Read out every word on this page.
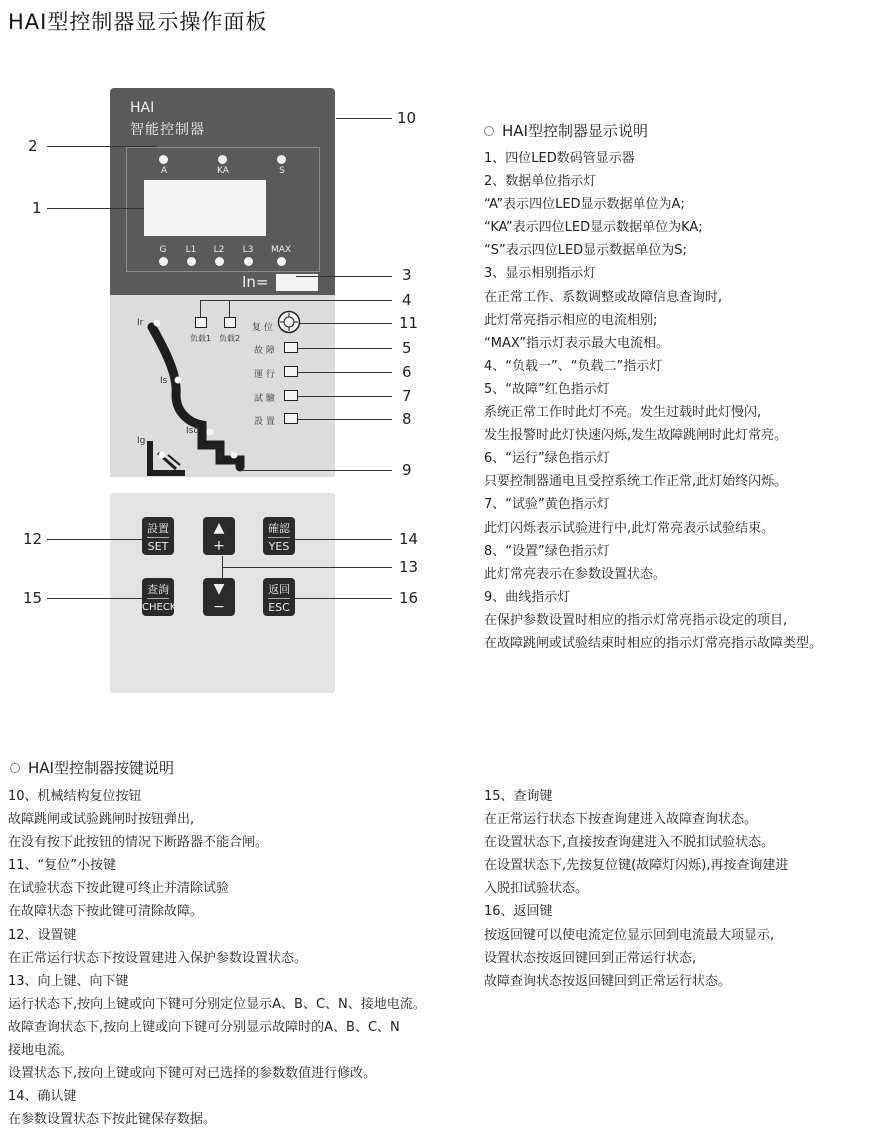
HAI型控制器显示操作面板
HAI
智能控制器
A	KA	S
G	L1	L2	L3	MAX
In=
Ir
Is
Isd
Ii
Ig
负载1 负载2
复 位
故 障
運 行
試 驗
設 置
設置
SET
▲
+
確認
YES
查詢
CHECK
▼
−
返回
ESC
10
2
1
3
4
11
5
6
7
8
9
12	14
13
15	16
HAI型控制器显示说明
1、四位LED数码管显示器
2、数据单位指示灯
“A”表示四位LED显示数据单位为A;
“KA”表示四位LED显示数据单位为KA;
“S”表示四位LED显示数据单位为S;
3、显示相别指示灯
在正常工作、系数调整或故障信息查询时,
此灯常亮指示相应的电流相别;
“MAX”指示灯表示最大电流相。
4、“负载一”、“负载二”指示灯
5、“故障”红色指示灯
系统正常工作时此灯不亮。发生过载时此灯慢闪,
发生报警时此灯快速闪烁,发生故障跳闸时此灯常亮。
6、“运行”绿色指示灯
只要控制器通电且受控系统工作正常,此灯始终闪烁。
7、“试验”黄色指示灯
此灯闪烁表示试验进行中,此灯常亮表示试验结束。
8、“设置”绿色指示灯
此灯常亮表示在参数设置状态。
9、曲线指示灯
在保护参数设置时相应的指示灯常亮指示设定的项目,
在故障跳闸或试验结束时相应的指示灯常亮指示故障类型。
HAI型控制器按键说明
10、机械结构复位按钮
故障跳闸或试验跳闸时按钮弹出,
在没有按下此按钮的情况下断路器不能合闸。
11、“复位”小按键
在试验状态下按此键可终止并清除试验
在故障状态下按此键可清除故障。
12、设置键
在正常运行状态下按设置建进入保护参数设置状态。
13、向上键、向下键
运行状态下,按向上键或向下键可分别定位显示A、B、C、N、接地电流。
故障查询状态下,按向上键或向下键可分别显示故障时的A、B、C、N
接地电流。
设置状态下,按向上键或向下键可对已选择的参数数值进行修改。
14、确认键
在参数设置状态下按此键保存数据。
15、查询键
在正常运行状态下按查询建进入故障查询状态。
在设置状态下,直接按查询建进入不脱扣试验状态。
在设置状态下,先按复位键(故障灯闪烁),再按查询建进
入脱扣试验状态。
16、返回键
按返回键可以使电流定位显示回到电流最大项显示,
设置状态按返回键回到正常运行状态,
故障查询状态按返回键回到正常运行状态。
